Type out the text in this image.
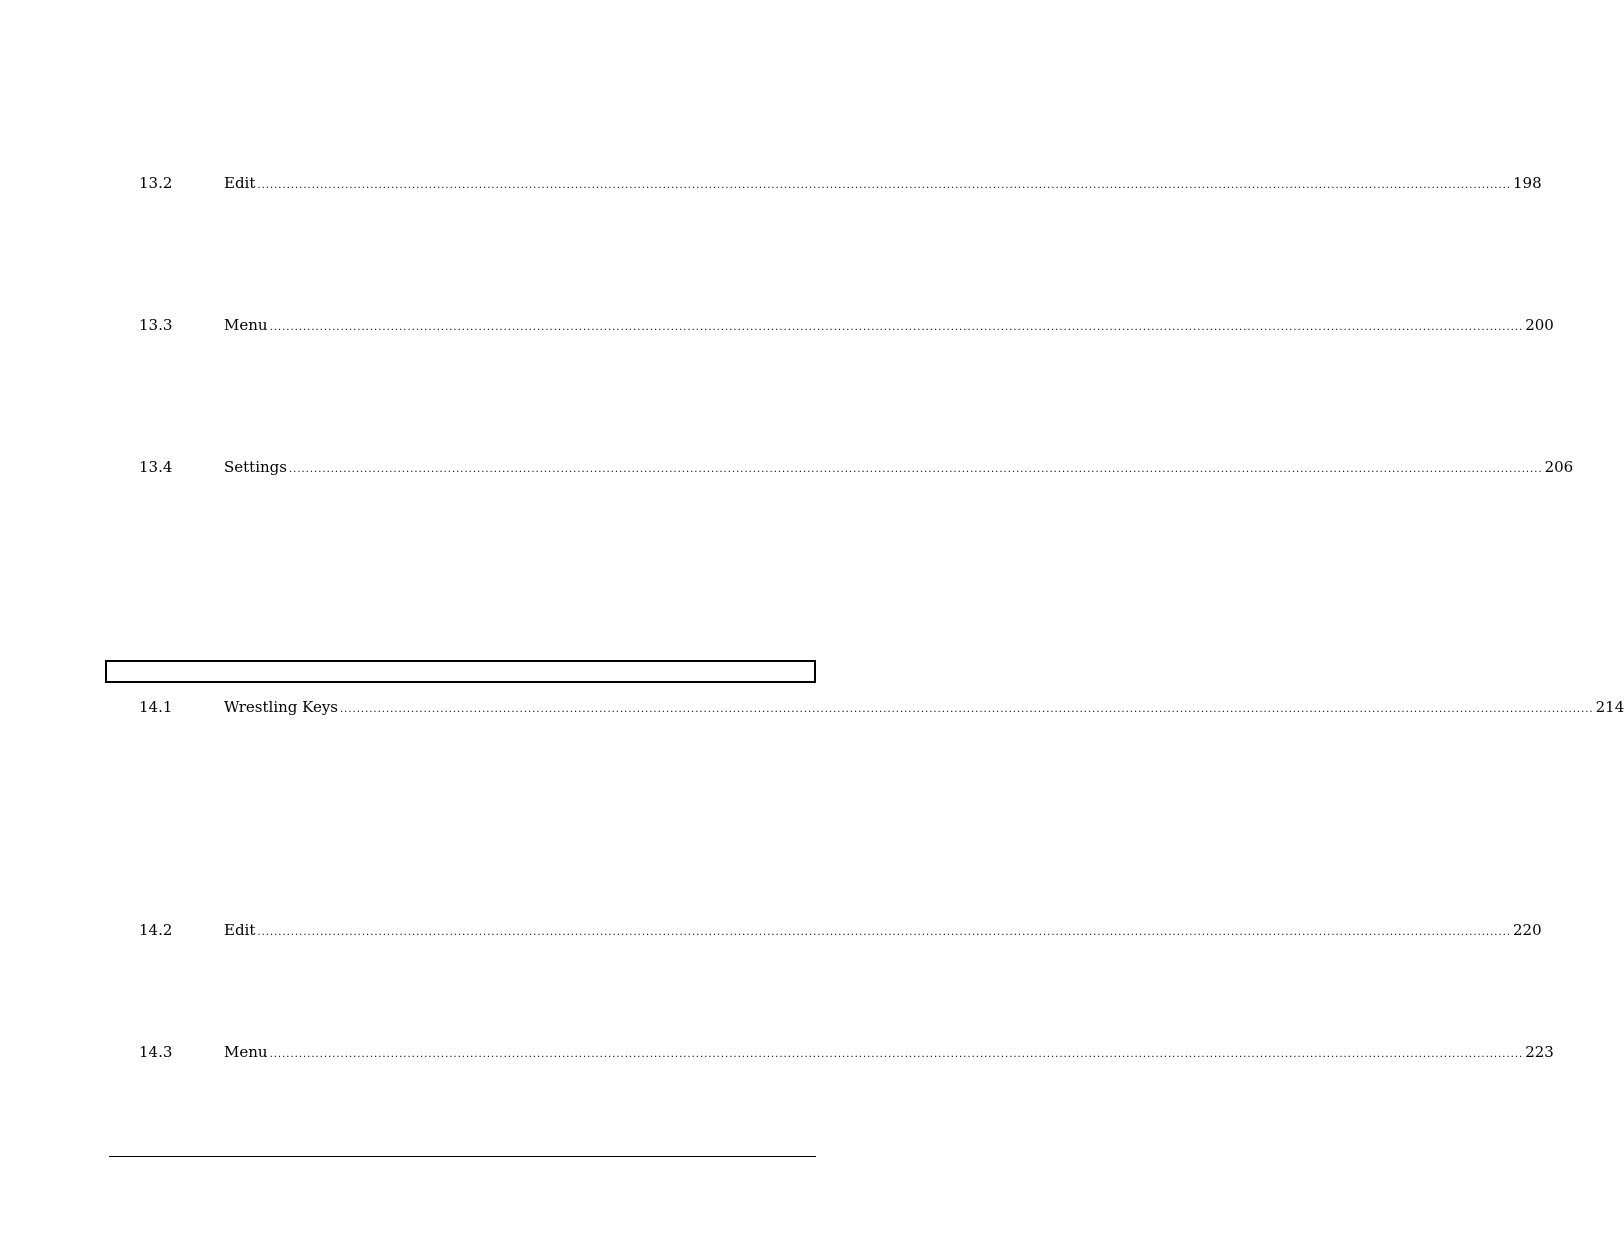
13.2	Edit ............................................................................................................................................................................................................................................................................................................ 198
13.3	Menu ............................................................................................................................................................................................................................................................................................................ 200
13.4	Settings ............................................................................................................................................................................................................................................................................................................ 206
14.1	Wrestling Keys ............................................................................................................................................................................................................................................................................................................ 214
14.2	Edit ............................................................................................................................................................................................................................................................................................................ 220
14.3	Menu ............................................................................................................................................................................................................................................................................................................ 223
